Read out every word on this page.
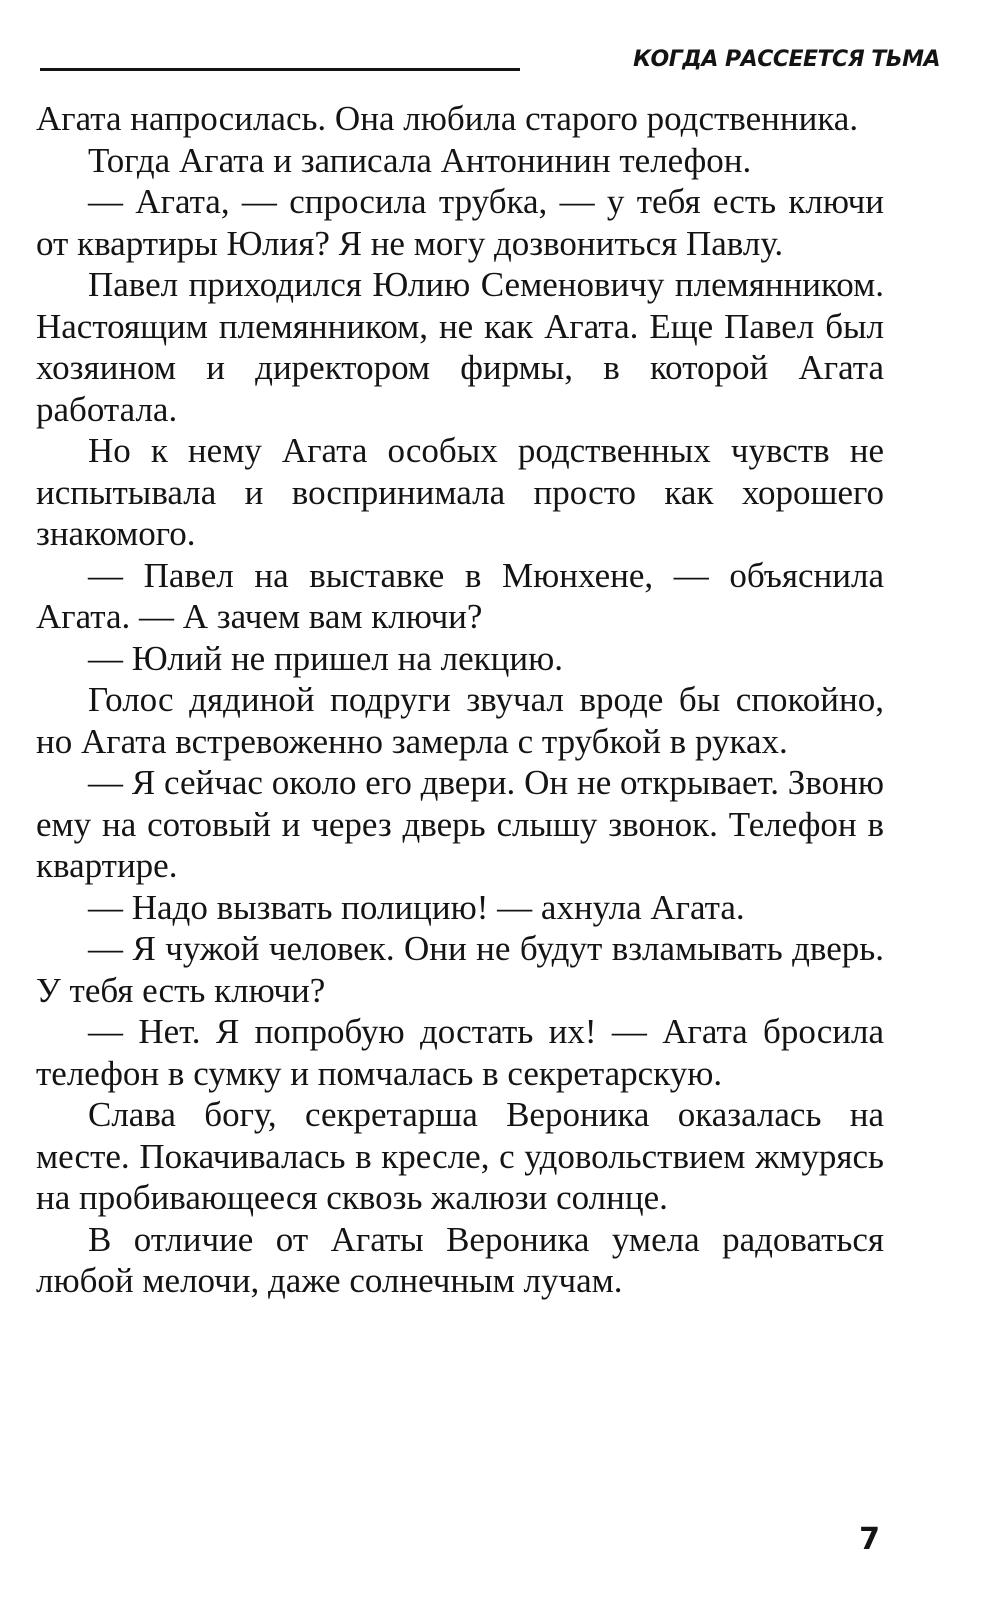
КОГДА РАССЕЕТСЯ ТЬМА

Агата напросилась. Она любила старого родственника.

Тогда Агата и записала Антонинин телефон.

— Агата, — спросила трубка, — у тебя есть ключи от квартиры Юлия? Я не могу дозвониться Павлу.

Павел приходился Юлию Семеновичу племянником. Настоящим племянником, не как Агата. Еще Павел был хозяином и директором фирмы, в которой Агата работала.

Но к нему Агата особых родственных чувств не испытывала и воспринимала просто как хорошего знакомого.

— Павел на выставке в Мюнхене, — объяснила Агата. — А зачем вам ключи?

— Юлий не пришел на лекцию.

Голос дядиной подруги звучал вроде бы спокойно, но Агата встревоженно замерла с трубкой в руках.

— Я сейчас около его двери. Он не открывает. Звоню ему на сотовый и через дверь слышу звонок. Телефон в квартире.

— Надо вызвать полицию! — ахнула Агата.

— Я чужой человек. Они не будут взламывать дверь. У тебя есть ключи?

— Нет. Я попробую достать их! — Агата бросила телефон в сумку и помчалась в секретарскую.

Слава богу, секретарша Вероника оказалась на месте. Покачивалась в кресле, с удовольствием жмурясь на пробивающееся сквозь жалюзи солнце.

В отличие от Агаты Вероника умела радоваться любой мелочи, даже солнечным лучам.

7
